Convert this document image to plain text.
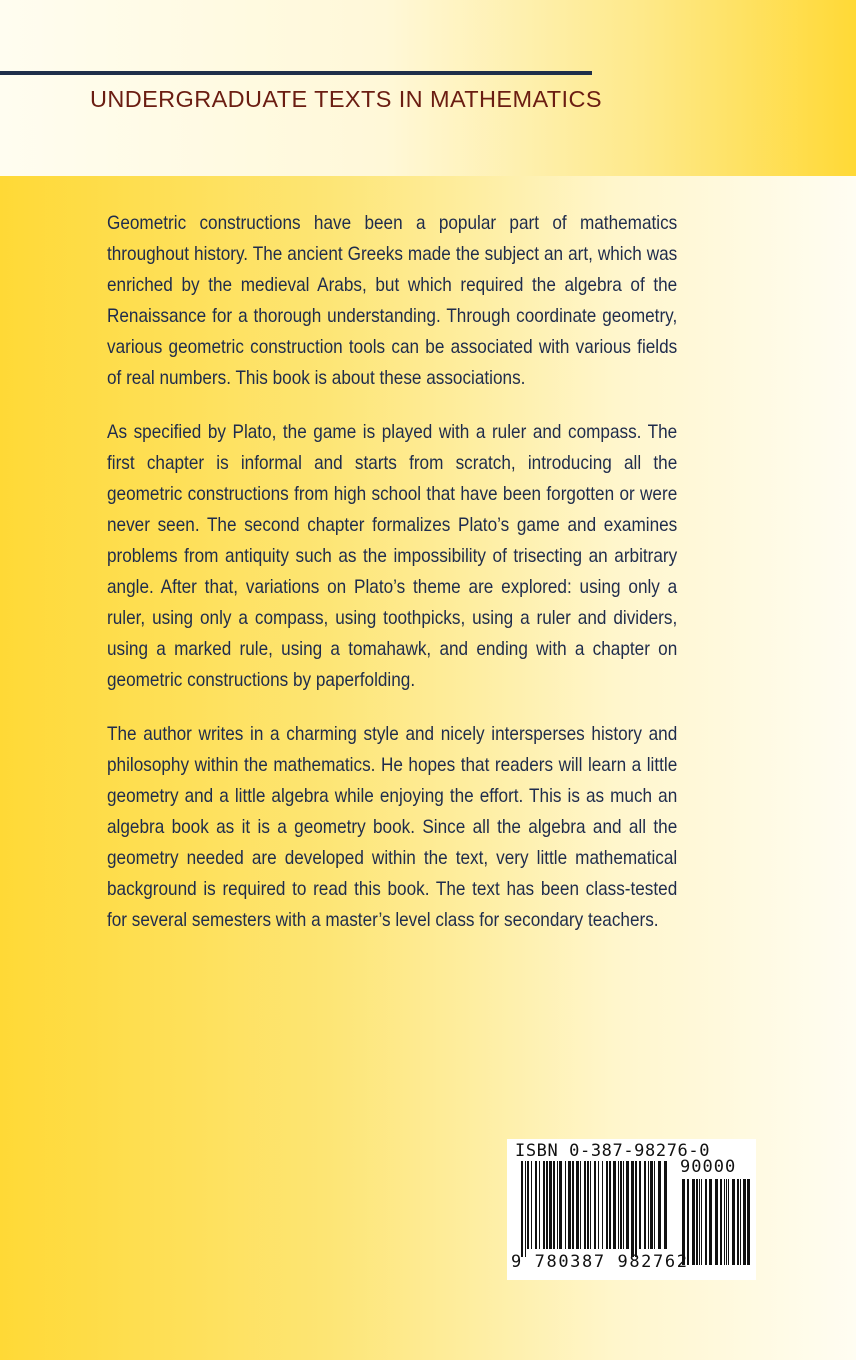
UNDERGRADUATE TEXTS IN MATHEMATICS

Geometric constructions have been a popular part of mathematics throughout history. The ancient Greeks made the subject an art, which was enriched by the medieval Arabs, but which required the algebra of the Renaissance for a thorough understanding. Through coordinate geometry, various geometric construction tools can be associated with various fields of real numbers. This book is about these associations.

As specified by Plato, the game is played with a ruler and compass. The first chapter is informal and starts from scratch, introducing all the geometric constructions from high school that have been forgotten or were never seen. The second chapter formalizes Plato’s game and examines problems from antiquity such as the impossibility of trisecting an arbitrary angle. After that, variations on Plato’s theme are explored: using only a ruler, using only a compass, using toothpicks, using a ruler and dividers, using a marked rule, using a tomahawk, and ending with a chapter on geometric constructions by paperfolding.

The author writes in a charming style and nicely intersperses history and philosophy within the mathematics. He hopes that readers will learn a little geometry and a little algebra while enjoying the effort. This is as much an algebra book as it is a geometry book. Since all the algebra and all the geometry needed are developed within the text, very little mathematical background is required to read this book. The text has been class-tested for several semesters with a master’s level class for secondary teachers.

ISBN 0-387-98276-0
90000
9 780387 982762
